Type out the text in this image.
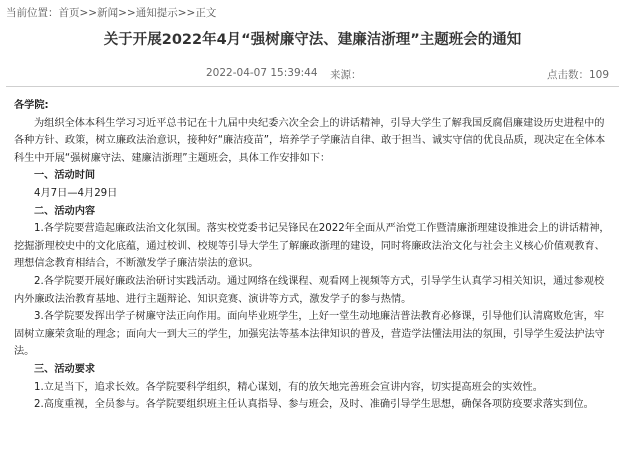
当前位置：首页>>新闻>>通知提示>>正文
关于开展2022年4月“强树廉守法、建廉洁浙理”主题班会的通知
2022-04-07 15:39:44 来源：	点击数：109

各学院:

为组织全体本科生学习习近平总书记在十九届中央纪委六次全会上的讲话精神，引导大学生了解我国反腐倡廉建设历史进程中的各种方针、政策，树立廉政法治意识，接种好“廉洁疫苗”，培养学子学廉洁自律、敢于担当、诚实守信的优良品质，现决定在全体本科生中开展“强树廉守法、建廉洁浙理”主题班会，具体工作安排如下：

一、活动时间

4月7日—4月29日

二、活动内容

1.各学院要营造起廉政法治文化氛围。落实校党委书记吴锋民在2022年全面从严治党工作暨清廉浙理建设推进会上的讲话精神，挖掘浙理校史中的文化底蕴，通过校训、校规等引导大学生了解廉政浙理的建设，同时将廉政法治文化与社会主义核心价值观教育、理想信念教育相结合，不断激发学子廉洁崇法的意识。

2.各学院要开展好廉政法治研讨实践活动。通过网络在线课程、观看网上视频等方式，引导学生认真学习相关知识，通过参观校内外廉政法治教育基地、进行主题辩论、知识竞赛、演讲等方式，激发学子的参与热情。

3.各学院要发挥出学子树廉守法正向作用。面向毕业班学生，上好一堂生动地廉洁普法教育必修课，引导他们认清腐败危害，牢固树立廉荣贪耻的理念；面向大一到大三的学生，加强宪法等基本法律知识的普及，营造学法懂法用法的氛围，引导学生爱法护法守法。

三、活动要求

1.立足当下，追求长效。各学院要科学组织，精心谋划，有的放矢地完善班会宣讲内容，切实提高班会的实效性。

2.高度重视，全员参与。各学院要组织班主任认真指导、参与班会，及时、准确引导学生思想，确保各项防疫要求落实到位。
